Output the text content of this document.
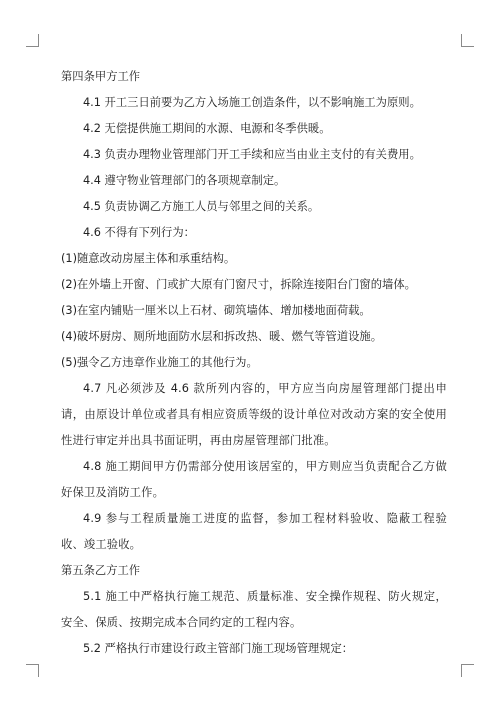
第四条甲方工作

4.1 开工三日前要为乙方入场施工创造条件，以不影响施工为原则。

4.2 无偿提供施工期间的水源、电源和冬季供暖。

4.3 负责办理物业管理部门开工手续和应当由业主支付的有关费用。

4.4 遵守物业管理部门的各项规章制定。

4.5 负责协调乙方施工人员与邻里之间的关系。

4.6 不得有下列行为：

(1)随意改动房屋主体和承重结构。

(2)在外墙上开窗、门或扩大原有门窗尺寸，拆除连接阳台门窗的墙体。

(3)在室内铺贴一厘米以上石材、砌筑墙体、增加楼地面荷载。

(4)破坏厨房、厕所地面防水层和拆改热、暖、燃气等管道设施。

(5)强令乙方违章作业施工的其他行为。

4.7 凡必须涉及 4.6 款所列内容的，甲方应当向房屋管理部门提出申请，由原设计单位或者具有相应资质等级的设计单位对改动方案的安全使用性进行审定并出具书面证明，再由房屋管理部门批准。

4.8 施工期间甲方仍需部分使用该居室的，甲方则应当负责配合乙方做好保卫及消防工作。

4.9 参与工程质量施工进度的监督，参加工程材料验收、隐蔽工程验收、竣工验收。

第五条乙方工作

5.1 施工中严格执行施工规范、质量标准、安全操作规程、防火规定，安全、保质、按期完成本合同约定的工程内容。

5.2 严格执行市建设行政主管部门施工现场管理规定：
